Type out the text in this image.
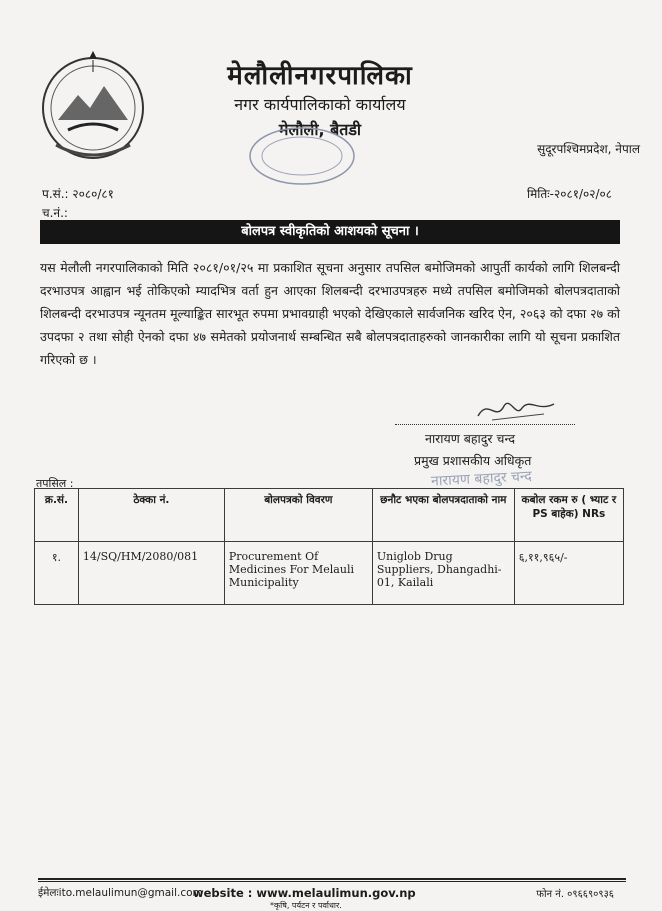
मेलौलीनगरपालिका
नगर कार्यपालिकाको कार्यालय
मेलौली, बैतडी
सुदूरपश्चिमप्रदेश, नेपाल
प.सं.: २०८०/८१
च.नं.:
मितिः-२०८१/०२/०८
बोलपत्र स्वीकृतिको आशयको सूचना ।
यस मेलौली नगरपालिकाको मिति २०८१/०१/२५ मा प्रकाशित सूचना अनुसार तपसिल बमोजिमको आपुर्ती कार्यको लागि शिलबन्दी दरभाउपत्र आह्वान भई तोकिएको म्यादभित्र वर्ता हुन आएका शिलबन्दी दरभाउपत्रहरु मध्ये तपसिल बमोजिमको बोलपत्रदाताको शिलबन्दी दरभाउपत्र न्यूनतम मूल्याङ्कित सारभूत रुपमा प्रभावग्राही भएको देखिएकाले सार्वजनिक खरिद ऐन, २०६३ को दफा २७ को उपदफा २ तथा सोही ऐनको दफा ४७ समेतको प्रयोजनार्थ सम्बन्धित सबै बोलपत्रदाताहरुको जानकारीका लागि यो सूचना प्रकाशित गरिएको छ ।
नारायण बहादुर चन्द
प्रमुख प्रशासकीय अधिकृत
नारायण बहादुर चन्द
तपसिल :
क्र.सं.	ठेक्का नं.	बोलपत्रको विवरण	छनौट भएका बोलपत्रदाताको नाम	कबोल रकम रु ( भ्याट र PS बाहेक) NRs
१.	14/SQ/HM/2080/081	Procurement Of Medicines For Melauli Municipality	Uniglob Drug Suppliers, Dhangadhi-01, Kailali	६,११,९६५/-
ईमेलःito.melaulimun@gmail.com
website : www.melaulimun.gov.np	फोन नं. ०९६६९०९३६
*कृषि, पर्यटन र पर्वाधार.
